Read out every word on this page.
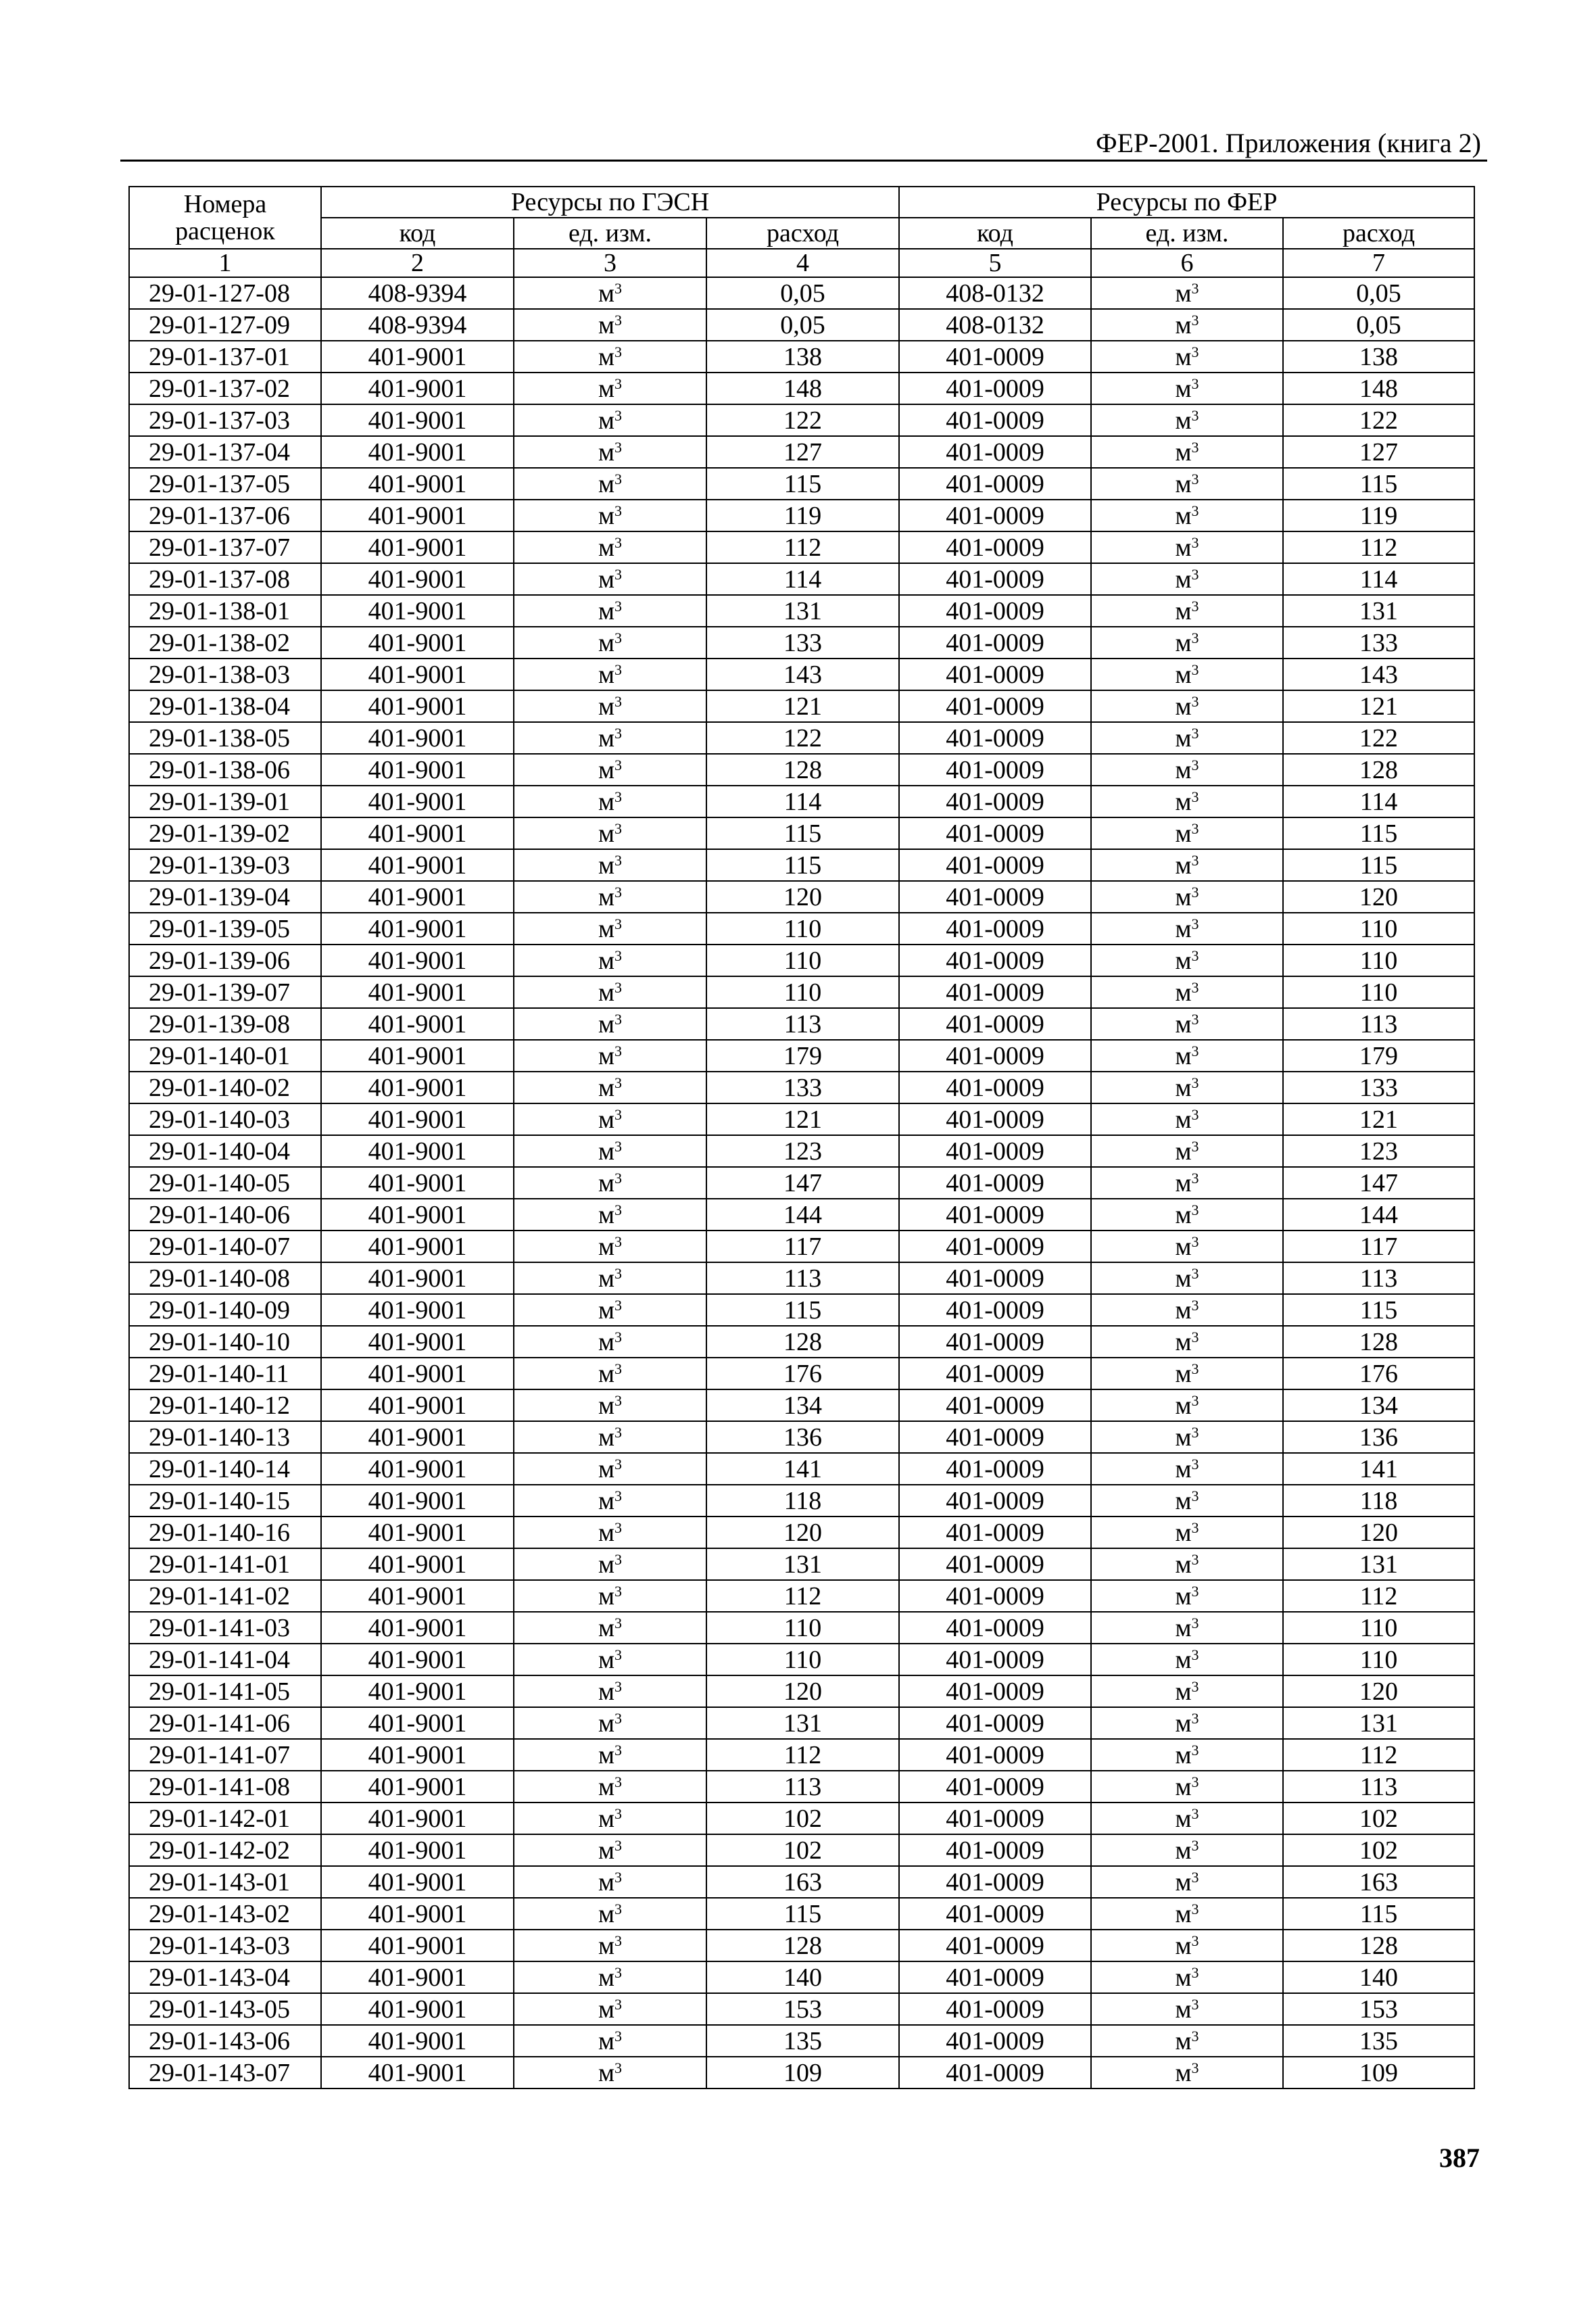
ФЕР-2001. Приложения (книга 2)
Номера
расценок	Ресурсы по ГЭСН			Ресурсы по ФЕР		
	код	ед. изм.	расход	код	ед. изм.	расход
1	2	3	4	5	6	7
29-01-127-08	408-9394	$м^3$	0,05	408-0132	$м^3$	0,05
29-01-127-09	408-9394	$м^3$	0,05	408-0132	$м^3$	0,05
29-01-137-01	401-9001	$м^3$	138	401-0009	$м^3$	138
29-01-137-02	401-9001	$м^3$	148	401-0009	$м^3$	148
29-01-137-03	401-9001	$м^3$	122	401-0009	$м^3$	122
29-01-137-04	401-9001	$м^3$	127	401-0009	$м^3$	127
29-01-137-05	401-9001	$м^3$	115	401-0009	$м^3$	115
29-01-137-06	401-9001	$м^3$	119	401-0009	$м^3$	119
29-01-137-07	401-9001	$м^3$	112	401-0009	$м^3$	112
29-01-137-08	401-9001	$м^3$	114	401-0009	$м^3$	114
29-01-138-01	401-9001	$м^3$	131	401-0009	$м^3$	131
29-01-138-02	401-9001	$м^3$	133	401-0009	$м^3$	133
29-01-138-03	401-9001	$м^3$	143	401-0009	$м^3$	143
29-01-138-04	401-9001	$м^3$	121	401-0009	$м^3$	121
29-01-138-05	401-9001	$м^3$	122	401-0009	$м^3$	122
29-01-138-06	401-9001	$м^3$	128	401-0009	$м^3$	128
29-01-139-01	401-9001	$м^3$	114	401-0009	$м^3$	114
29-01-139-02	401-9001	$м^3$	115	401-0009	$м^3$	115
29-01-139-03	401-9001	$м^3$	115	401-0009	$м^3$	115
29-01-139-04	401-9001	$м^3$	120	401-0009	$м^3$	120
29-01-139-05	401-9001	$м^3$	110	401-0009	$м^3$	110
29-01-139-06	401-9001	$м^3$	110	401-0009	$м^3$	110
29-01-139-07	401-9001	$м^3$	110	401-0009	$м^3$	110
29-01-139-08	401-9001	$м^3$	113	401-0009	$м^3$	113
29-01-140-01	401-9001	$м^3$	179	401-0009	$м^3$	179
29-01-140-02	401-9001	$м^3$	133	401-0009	$м^3$	133
29-01-140-03	401-9001	$м^3$	121	401-0009	$м^3$	121
29-01-140-04	401-9001	$м^3$	123	401-0009	$м^3$	123
29-01-140-05	401-9001	$м^3$	147	401-0009	$м^3$	147
29-01-140-06	401-9001	$м^3$	144	401-0009	$м^3$	144
29-01-140-07	401-9001	$м^3$	117	401-0009	$м^3$	117
29-01-140-08	401-9001	$м^3$	113	401-0009	$м^3$	113
29-01-140-09	401-9001	$м^3$	115	401-0009	$м^3$	115
29-01-140-10	401-9001	$м^3$	128	401-0009	$м^3$	128
29-01-140-11	401-9001	$м^3$	176	401-0009	$м^3$	176
29-01-140-12	401-9001	$м^3$	134	401-0009	$м^3$	134
29-01-140-13	401-9001	$м^3$	136	401-0009	$м^3$	136
29-01-140-14	401-9001	$м^3$	141	401-0009	$м^3$	141
29-01-140-15	401-9001	$м^3$	118	401-0009	$м^3$	118
29-01-140-16	401-9001	$м^3$	120	401-0009	$м^3$	120
29-01-141-01	401-9001	$м^3$	131	401-0009	$м^3$	131
29-01-141-02	401-9001	$м^3$	112	401-0009	$м^3$	112
29-01-141-03	401-9001	$м^3$	110	401-0009	$м^3$	110
29-01-141-04	401-9001	$м^3$	110	401-0009	$м^3$	110
29-01-141-05	401-9001	$м^3$	120	401-0009	$м^3$	120
29-01-141-06	401-9001	$м^3$	131	401-0009	$м^3$	131
29-01-141-07	401-9001	$м^3$	112	401-0009	$м^3$	112
29-01-141-08	401-9001	$м^3$	113	401-0009	$м^3$	113
29-01-142-01	401-9001	$м^3$	102	401-0009	$м^3$	102
29-01-142-02	401-9001	$м^3$	102	401-0009	$м^3$	102
29-01-143-01	401-9001	$м^3$	163	401-0009	$м^3$	163
29-01-143-02	401-9001	$м^3$	115	401-0009	$м^3$	115
29-01-143-03	401-9001	$м^3$	128	401-0009	$м^3$	128
29-01-143-04	401-9001	$м^3$	140	401-0009	$м^3$	140
29-01-143-05	401-9001	$м^3$	153	401-0009	$м^3$	153
29-01-143-06	401-9001	$м^3$	135	401-0009	$м^3$	135
29-01-143-07	401-9001	$м^3$	109	401-0009	$м^3$	109
387
